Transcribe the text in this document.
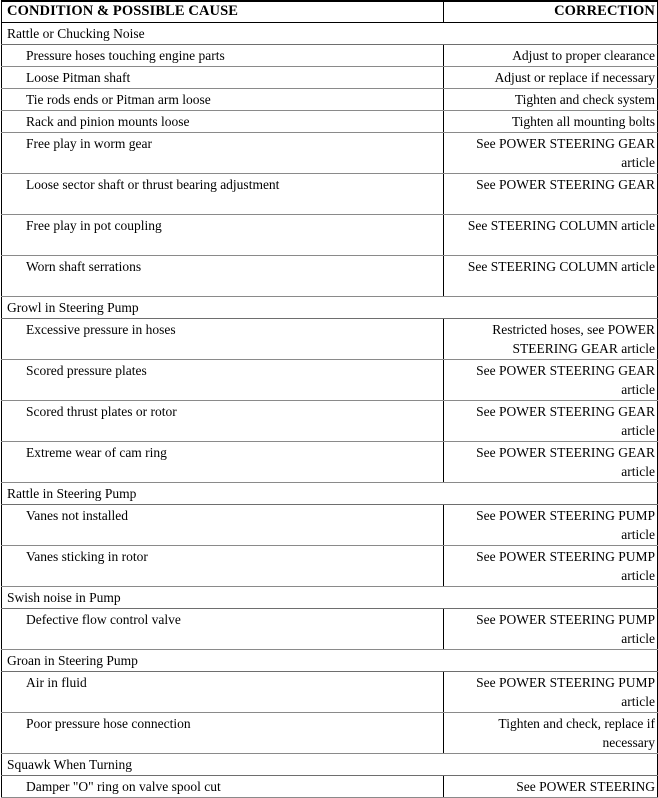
CONDITION & POSSIBLE CAUSE	CORRECTION
Rattle or Chucking Noise	
Pressure hoses touching engine parts	Adjust to proper clearance
Loose Pitman shaft	Adjust or replace if necessary
Tie rods ends or Pitman arm loose	Tighten and check system
Rack and pinion mounts loose	Tighten all mounting bolts
Free play in worm gear	See POWER STEERING GEAR article
Loose sector shaft or thrust bearing adjustment	See POWER STEERING GEAR
Free play in pot coupling	See STEERING COLUMN article
Worn shaft serrations	See STEERING COLUMN article
Growl in Steering Pump	
Excessive pressure in hoses	Restricted hoses, see POWER STEERING GEAR article
Scored pressure plates	See POWER STEERING GEAR article
Scored thrust plates or rotor	See POWER STEERING GEAR article
Extreme wear of cam ring	See POWER STEERING GEAR article
Rattle in Steering Pump	
Vanes not installed	See POWER STEERING PUMP article
Vanes sticking in rotor	See POWER STEERING PUMP article
Swish noise in Pump	
Defective flow control valve	See POWER STEERING PUMP article
Groan in Steering Pump	
Air in fluid	See POWER STEERING PUMP article
Poor pressure hose connection	Tighten and check, replace if necessary
Squawk When Turning	
Damper "O" ring on valve spool cut	See POWER STEERING
